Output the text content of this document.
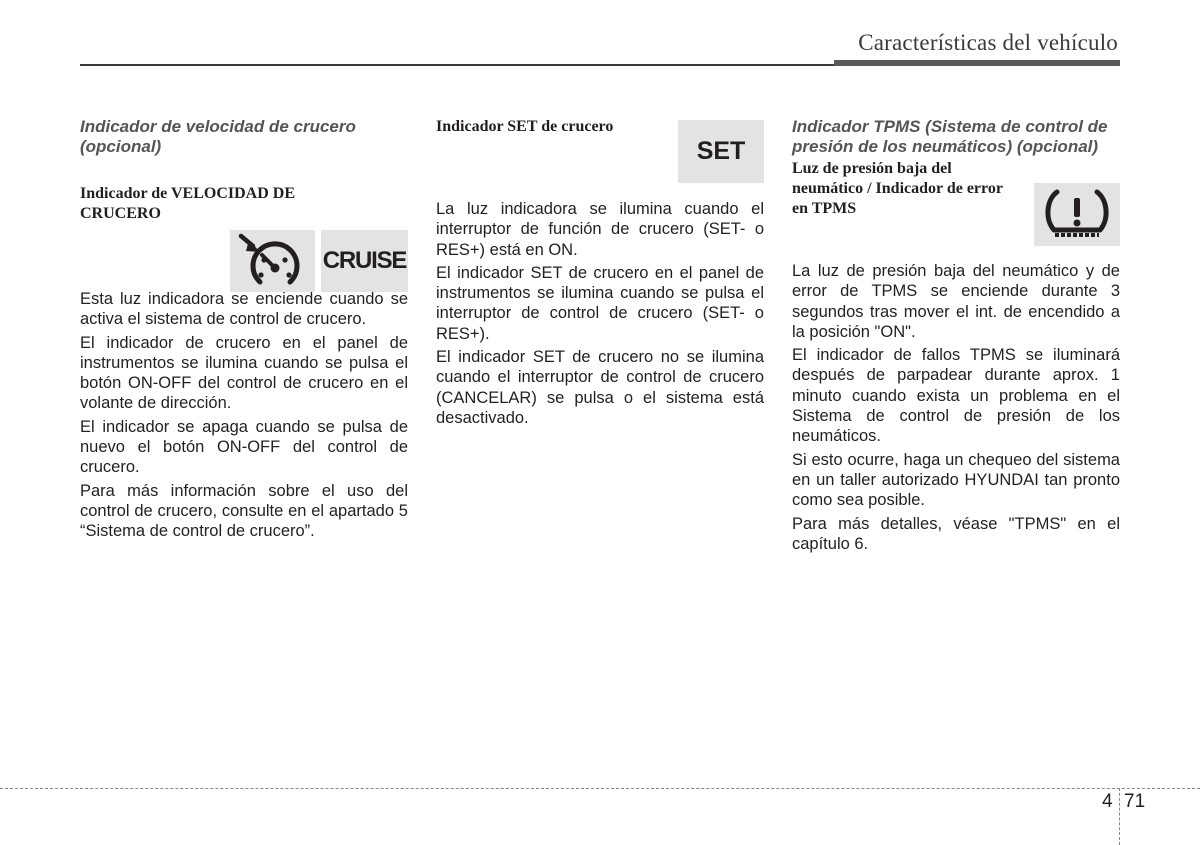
Características del vehículo

Indicador de velocidad de crucero (opcional)

Indicador de VELOCIDAD DE CRUCERO

CRUISE

Esta luz indicadora se enciende cuando se activa el sistema de control de crucero.

El indicador de crucero en el panel de instrumentos se ilumina cuando se pulsa el botón ON-OFF del control de crucero en el volante de dirección.

El indicador se apaga cuando se pulsa de nuevo el botón ON-OFF del control de crucero.

Para más información sobre el uso del control de crucero, consulte en el apartado 5 “Sistema de control de crucero”.

Indicador SET de crucero

SET

La luz indicadora se ilumina cuando el interruptor de función de crucero (SET- o RES+) está en ON.

El indicador SET de crucero en el panel de instrumentos se ilumina cuando se pulsa el interruptor de control de crucero (SET- o RES+).

El indicador SET de crucero no se ilumina cuando el interruptor de control de crucero (CANCELAR) se pulsa o el sistema está desactivado.

Indicador TPMS (Sistema de control de presión de los neumáticos) (opcional)

Luz de presión baja del neumático / Indicador de error en TPMS

La luz de presión baja del neumático y de error de TPMS se enciende durante 3 segundos tras mover el int. de encendido a la posición "ON".

El indicador de fallos TPMS se iluminará después de parpadear durante aprox. 1 minuto cuando exista un problema en el Sistema de control de presión de los neumáticos.

Si esto ocurre, haga un chequeo del sistema en un taller autorizado HYUNDAI tan pronto como sea posible.

Para más detalles, véase "TPMS" en el capítulo 6.

4 71
